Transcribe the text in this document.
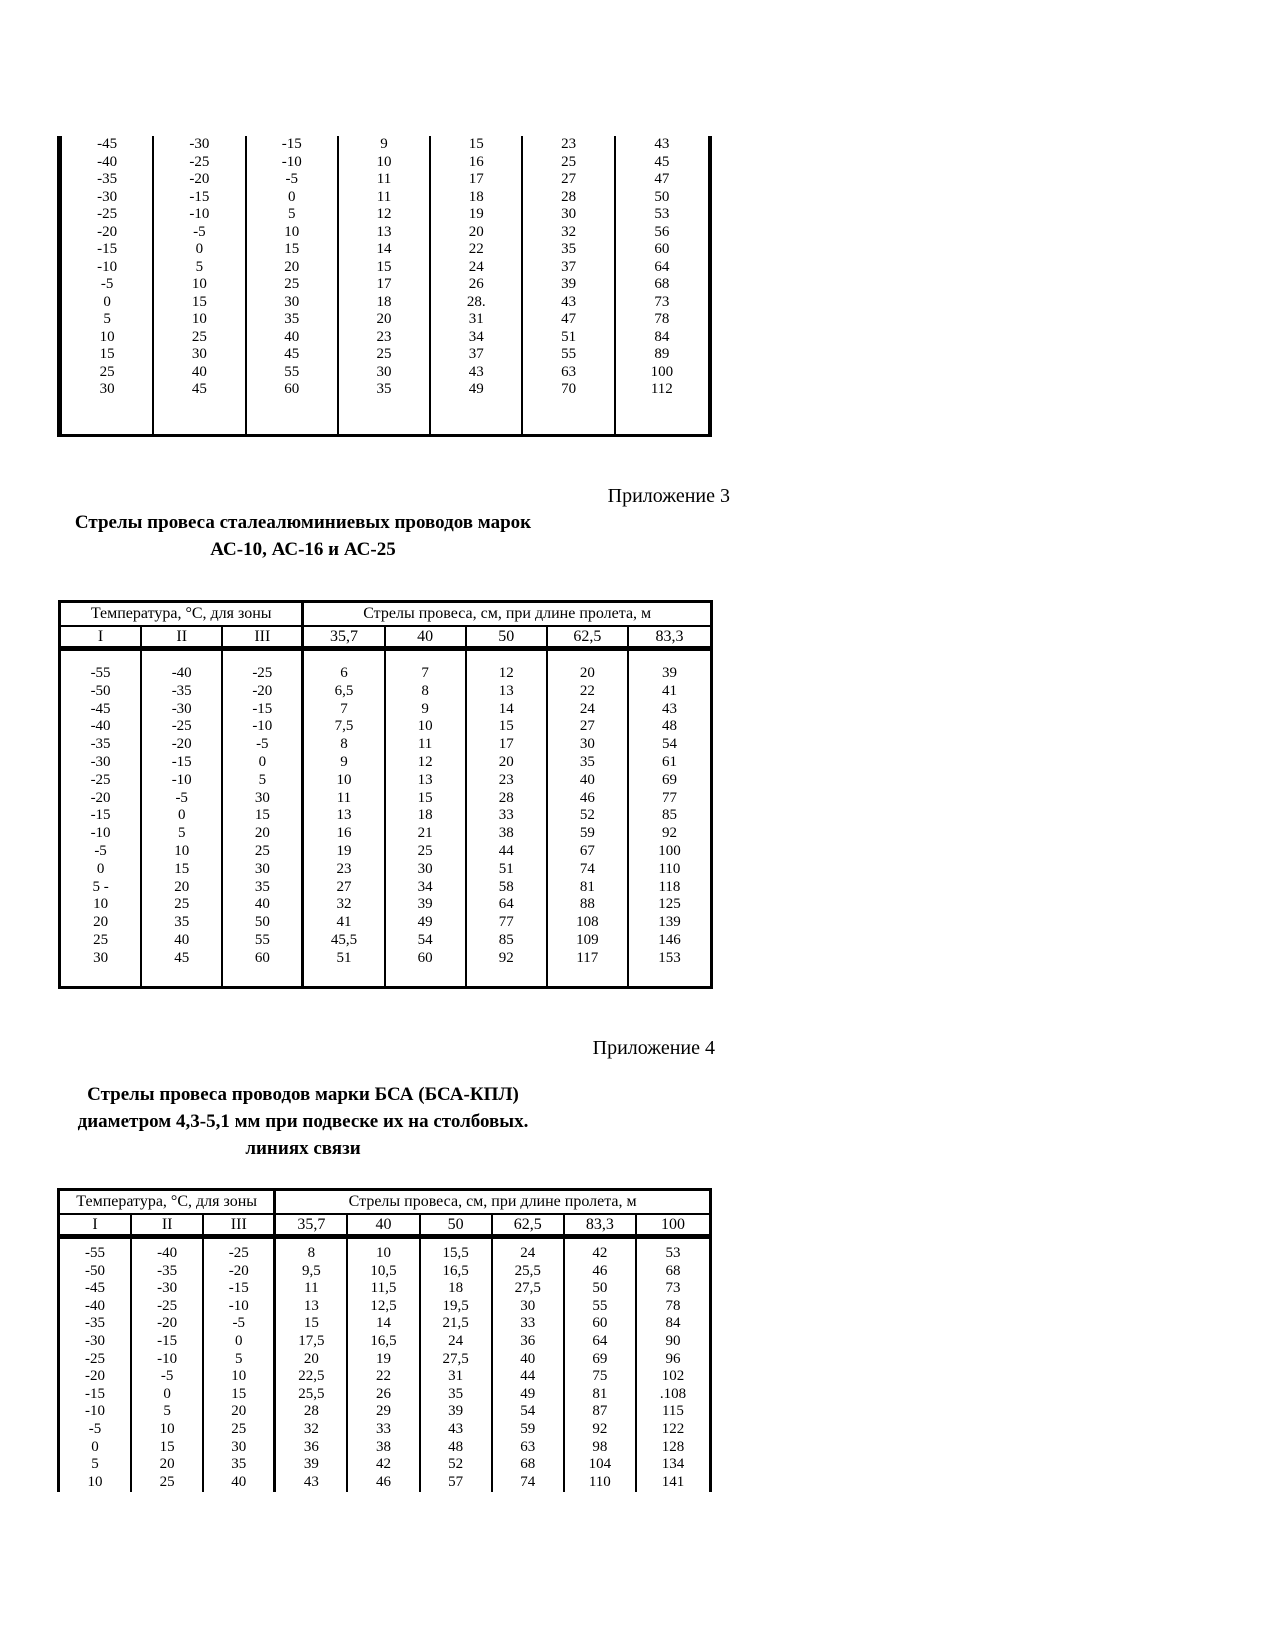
-45	-30	-15	9	15	23	43
-40	-25	-10	10	16	25	45
-35	-20	-5	11	17	27	47
-30	-15	0	11	18	28	50
-25	-10	5	12	19	30	53
-20	-5	10	13	20	32	56
-15	0	15	14	22	35	60
-10	5	20	15	24	37	64
-5	10	25	17	26	39	68
0	15	30	18	28.	43	73
5	10	35	20	31	47	78
10	25	40	23	34	51	84
15	30	45	25	37	55	89
25	40	55	30	43	63	100
30	45	60	35	49	70	112
Приложение 3
Стрелы провеса сталеалюминиевых проводов марок
АС-10, АС-16 и АС-25
Температура, °С, для зоны	Стрелы провеса, см, при длине пролета, м
I	II	III	35,7	40	50	62,5	83,3
-55	-40	-25	6	7	12	20	39
-50	-35	-20	6,5	8	13	22	41
-45	-30	-15	7	9	14	24	43
-40	-25	-10	7,5	10	15	27	48
-35	-20	-5	8	11	17	30	54
-30	-15	0	9	12	20	35	61
-25	-10	5	10	13	23	40	69
-20	-5	30	11	15	28	46	77
-15	0	15	13	18	33	52	85
-10	5	20	16	21	38	59	92
-5	10	25	19	25	44	67	100
0	15	30	23	30	51	74	110
5 -	20	35	27	34	58	81	118
10	25	40	32	39	64	88	125
20	35	50	41	49	77	108	139
25	40	55	45,5	54	85	109	146
30	45	60	51	60	92	117	153
Приложение 4
Стрелы провеса проводов марки БСА (БСА-КПЛ)
диаметром 4,3-5,1 мм при подвеске их на столбовых.
линиях связи
Температура, °С, для зоны	Стрелы провеса, см, при длине пролета, м
I	II	III	35,7	40	50	62,5	83,3	100
-55	-40	-25	8	10	15,5	24	42	53
-50	-35	-20	9,5	10,5	16,5	25,5	46	68
-45	-30	-15	11	11,5	18	27,5	50	73
-40	-25	-10	13	12,5	19,5	30	55	78
-35	-20	-5	15	14	21,5	33	60	84
-30	-15	0	17,5	16,5	24	36	64	90
-25	-10	5	20	19	27,5	40	69	96
-20	-5	10	22,5	22	31	44	75	102
-15	0	15	25,5	26	35	49	81	.108
-10	5	20	28	29	39	54	87	115
-5	10	25	32	33	43	59	92	122
0	15	30	36	38	48	63	98	128
5	20	35	39	42	52	68	104	134
10	25	40	43	46	57	74	110	141
